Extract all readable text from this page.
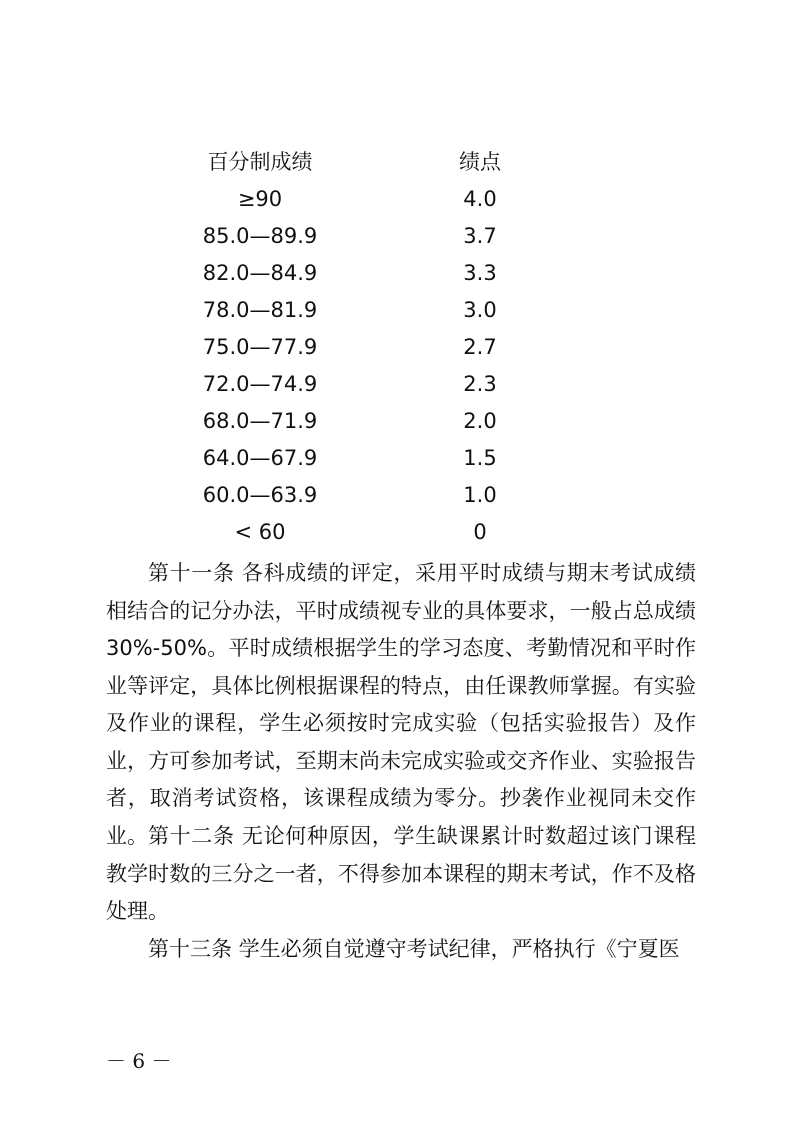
百分制成绩	绩点
≥90	4.0
85.0—89.9	3.7
82.0—84.9	3.3
78.0—81.9	3.0
75.0—77.9	2.7
72.0—74.9	2.3
68.0—71.9	2.0
64.0—67.9	1.5
60.0—63.9	1.0
< 60	0

第十一条 各科成绩的评定，采用平时成绩与期末考试成绩相结合的记分办法，平时成绩视专业的具体要求，一般占总成绩30%-50%。平时成绩根据学生的学习态度、考勤情况和平时作业等评定，具体比例根据课程的特点，由任课教师掌握。有实验及作业的课程，学生必须按时完成实验（包括实验报告）及作业，方可参加考试，至期末尚未完成实验或交齐作业、实验报告者，取消考试资格，该课程成绩为零分。抄袭作业视同未交作业。 第十二条 无论何种原因，学生缺课累计时数超过该门课程教学时数的三分之一者，不得参加本课程的期末考试，作不及格处理。

第十三条 学生必须自觉遵守考试纪律，严格执行《宁夏医

－ 6 －
